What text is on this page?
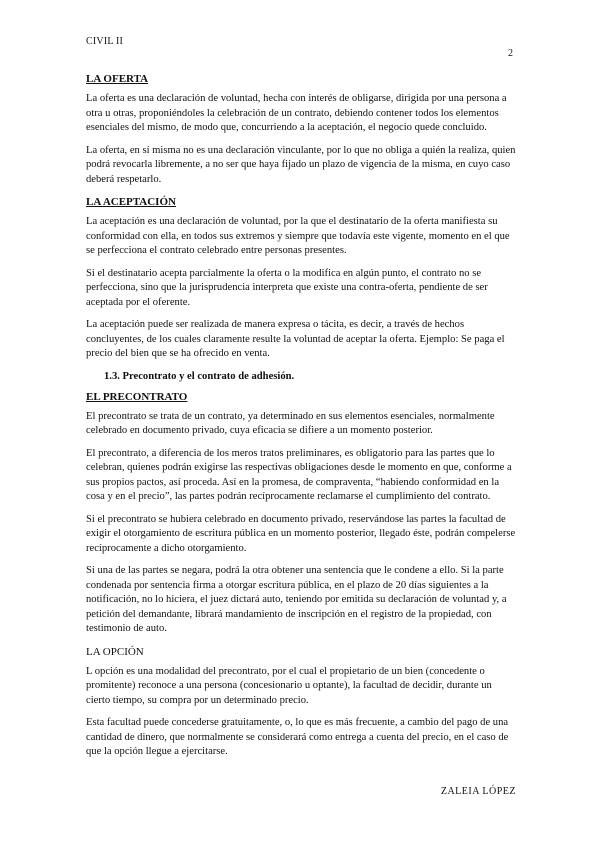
CIVIL II
2
LA OFERTA

La oferta es una declaración de voluntad, hecha con interés de obligarse, dirigida por una persona a otra u otras, proponiéndoles la celebración de un contrato, debiendo contener todos los elementos esenciales del mismo, de modo que, concurriendo a la aceptación, el negocio quede concluido.

La oferta, en sí misma no es una declaración vinculante, por lo que no obliga a quién la realiza, quien podrá revocarla libremente, a no ser que haya fijado un plazo de vigencia de la misma, en cuyo caso deberá respetarlo.

LA ACEPTACIÓN

La aceptación es una declaración de voluntad, por la que el destinatario de la oferta manifiesta su conformidad con ella, en todos sus extremos y siempre que todavía este vigente, momento en el que se perfecciona el contrato celebrado entre personas presentes.

Si el destinatario acepta parcialmente la oferta o la modifica en algún punto, el contrato no se perfecciona, sino que la jurisprudencia interpreta que existe una contra-oferta, pendiente de ser aceptada por el oferente.

La aceptación puede ser realizada de manera expresa o tácita, es decir, a través de hechos concluyentes, de los cuales claramente resulte la voluntad de aceptar la oferta. Ejemplo: Se paga el precio del bien que se ha ofrecido en venta.

1.3. Precontrato y el contrato de adhesión.
EL PRECONTRATO

El precontrato se trata de un contrato, ya determinado en sus elementos esenciales, normalmente celebrado en documento privado, cuya eficacia se difiere a un momento posterior.

El precontrato, a diferencia de los meros tratos preliminares, es obligatorio para las partes que lo celebran, quienes podrán exigirse las respectivas obligaciones desde le momento en que, conforme a sus propios pactos, así proceda. Así en la promesa, de compraventa, “habiendo conformidad en la cosa y en el precio”, las partes podrán recíprocamente reclamarse el cumplimiento del contrato.

Si el precontrato se hubiera celebrado en documento privado, reservándose las partes la facultad de exigir el otorgamiento de escritura pública en un momento posterior, llegado éste, podrán compelerse recíprocamente a dicho otorgamiento.

Si una de las partes se negara, podrá la otra obtener una sentencia que le condene a ello. Si la parte condenada por sentencia firma a otorgar escritura pública, en el plazo de 20 días siguientes a la notificación, no lo hiciera, el juez dictará auto, teniendo por emitida su declaración de voluntad y, a petición del demandante, librará mandamiento de inscripción en el registro de la propiedad, con testimonio de auto.

LA OPCIÓN

L opción es una modalidad del precontrato, por el cual el propietario de un bien (concedente o promitente) reconoce a una persona (concesionario u optante), la facultad de decidir, durante un cierto tiempo, su compra por un determinado precio.

Esta facultad puede concederse gratuitamente, o, lo que es más frecuente, a cambio del pago de una cantidad de dinero, que normalmente se considerará como entrega a cuenta del precio, en el caso de que la opción llegue a ejercitarse.

ZALEIA LÓPEZ
